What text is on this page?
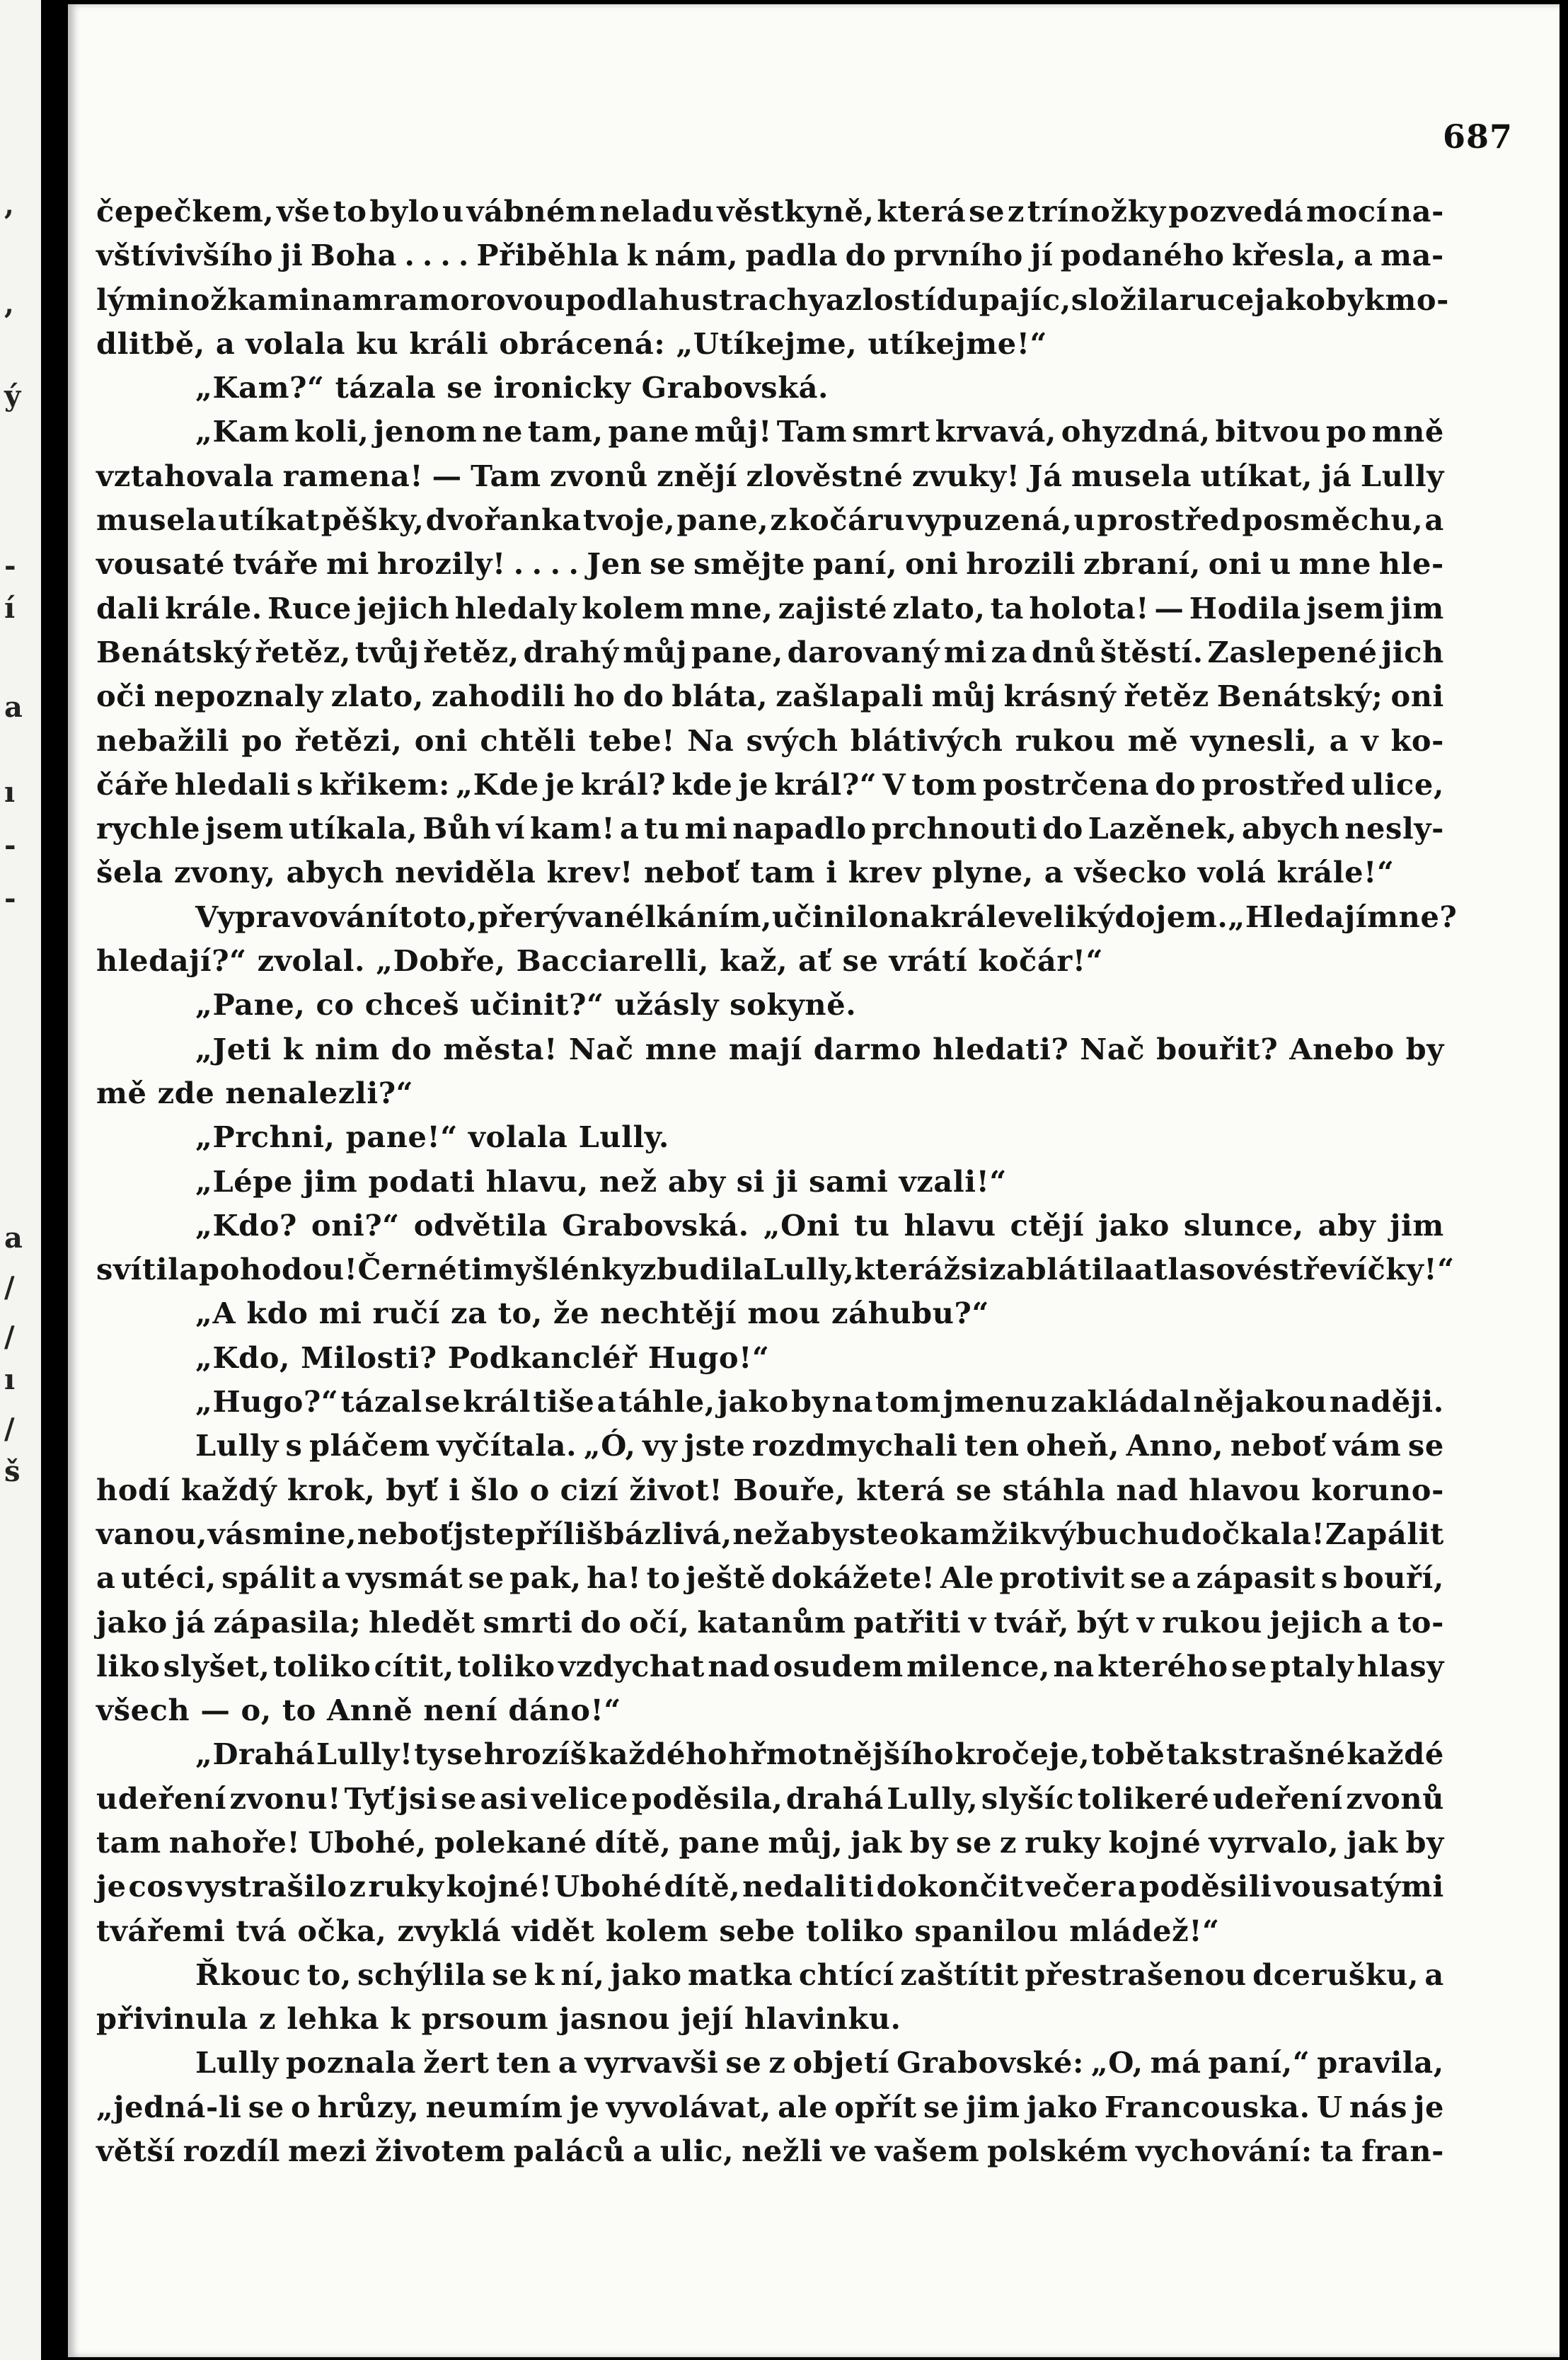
,
,
ý
-
í
a
ı
-
-
a
/
/
ı
/
š
687
čepečkem, vše to bylo u vábném neladu věstkyně, která se z trínožky pozvedá mocí na-
vštívivšího ji Boha . . . . Přiběhla k nám, padla do prvního jí podaného křesla, a ma-
lými nožkami na mramorovou podlahu strachy a zlostí dupajíc, složila ruce jako by k mo-
dlitbě, a volala ku králi obrácená: „Utíkejme, utíkejme!“
„Kam?“ tázala se ironicky Grabovská.
„Kam koli, jenom ne tam, pane můj! Tam smrt krvavá, ohyzdná, bitvou po mně
vztahovala ramena! — Tam zvonů znějí zlověstné zvuky! Já musela utíkat, já Lully
musela utíkat pěšky, dvořanka tvoje, pane, z kočáru vypuzená, u prostřed posměchu, a
vousaté tváře mi hrozily! . . . . Jen se smějte paní, oni hrozili zbraní, oni u mne hle-
dali krále. Ruce jejich hledaly kolem mne, zajisté zlato, ta holota! — Hodila jsem jim
Benátský řetěz, tvůj řetěz, drahý můj pane, darovaný mi za dnů štěstí. Zaslepené jich
oči nepoznaly zlato, zahodili ho do bláta, zašlapali můj krásný řetěz Benátský; oni
nebažili po řetězi, oni chtěli tebe! Na svých blátivých rukou mě vynesli, a v ko-
čáře hledali s křikem: „Kde je král? kde je král?“ V tom postrčena do prostřed ulice,
rychle jsem utíkala, Bůh ví kam! a tu mi napadlo prchnouti do Lazěnek, abych nesly-
šela zvony, abych neviděla krev! neboť tam i krev plyne, a všecko volá krále!“
Vypravování toto, přerývané lkáním, učinilo na krále veliký dojem. „Hledají mne?
hledají?“ zvolal. „Dobře, Bacciarelli, kaž, ať se vrátí kočár!“
„Pane, co chceš učinit?“ užásly sokyně.
„Jeti k nim do města! Nač mne mají darmo hledati? Nač bouřit? Anebo by
mě zde nenalezli?“
„Prchni, pane!“ volala Lully.
„Lépe jim podati hlavu, než aby si ji sami vzali!“
„Kdo? oni?“ odvětila Grabovská. „Oni tu hlavu ctějí jako slunce, aby jim
svítila pohodou! Černé ti myšlénky zbudila Lully, kteráž si zablátila atlasové střevíčky!“
„A kdo mi ručí za to, že nechtějí mou záhubu?“
„Kdo, Milosti? Podkancléř Hugo!“
„Hugo?“ tázal se král tiše a táhle, jako by na tom jmenu zakládal nějakou naději.
Lully s pláčem vyčítala. „Ó, vy jste rozdmychali ten oheň, Anno, neboť vám se
hodí každý krok, byť i šlo o cizí život! Bouře, která se stáhla nad hlavou koruno-
vanou, vás mine, neboť jste příliš bázlivá, než abyste okamžik výbuchu dočkala! Zapálit
a utéci, spálit a vysmát se pak, ha! to ještě dokážete! Ale protivit se a zápasit s bouří,
jako já zápasila; hledět smrti do očí, katanům patřiti v tvář, být v rukou jejich a to-
liko slyšet, toliko cítit, toliko vzdychat nad osudem milence, na kterého se ptaly hlasy
všech — o, to Anně není dáno!“
„Drahá Lully! ty se hrozíš každého hřmotnějšího kročeje, tobě tak strašné každé
udeření zvonu! Tyť jsi se asi velice poděsila, drahá Lully, slyšíc tolikeré udeření zvonů
tam nahoře! Ubohé, polekané dítě, pane můj, jak by se z ruky kojné vyrvalo, jak by
je cos vystrašilo z ruky kojné! Ubohé dítě, nedali ti dokončit večer a poděsili vousatými
tvářemi tvá očka, zvyklá vidět kolem sebe toliko spanilou mládež!“
Řkouc to, schýlila se k ní, jako matka chtící zaštítit přestrašenou dcerušku, a
přivinula z lehka k prsoum jasnou její hlavinku.
Lully poznala žert ten a vyrvavši se z objetí Grabovské: „O, má paní,“ pravila,
„jedná-li se o hrůzy, neumím je vyvolávat, ale opřít se jim jako Francouska. U nás je
větší rozdíl mezi životem paláců a ulic, nežli ve vašem polském vychování: ta fran-
